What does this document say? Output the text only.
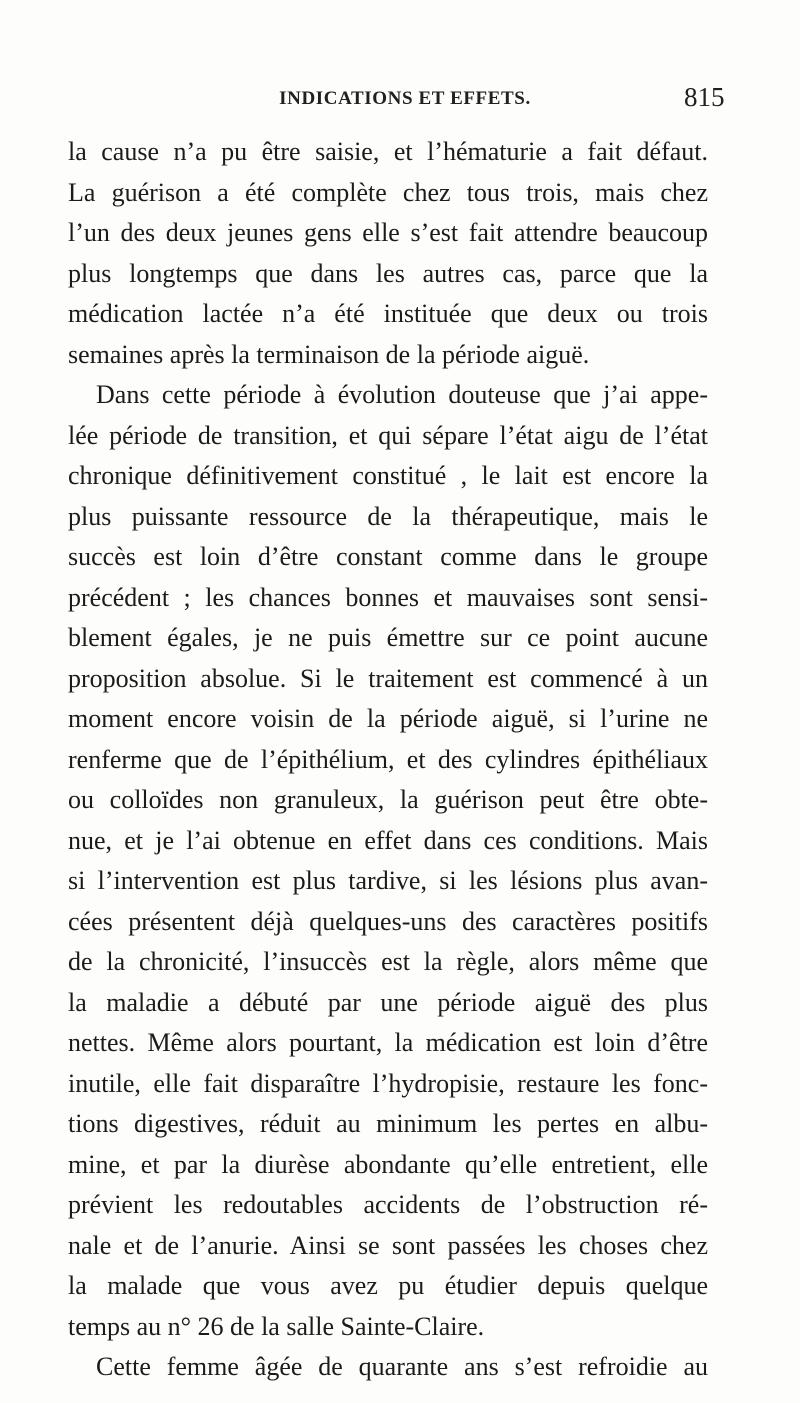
INDICATIONS ET EFFETS.	815
la cause n’a pu être saisie, et l’hématurie a fait défaut.
La guérison a été complète chez tous trois, mais chez
l’un des deux jeunes gens elle s’est fait attendre beaucoup
plus longtemps que dans les autres cas, parce que la
médication lactée n’a été instituée que deux ou trois
semaines après la terminaison de la période aiguë.
Dans cette période à évolution douteuse que j’ai appe-
lée période de transition, et qui sépare l’état aigu de l’état
chronique définitivement constitué , le lait est encore la
plus puissante ressource de la thérapeutique, mais le
succès est loin d’être constant comme dans le groupe
précédent ; les chances bonnes et mauvaises sont sensi-
blement égales, je ne puis émettre sur ce point aucune
proposition absolue. Si le traitement est commencé à un
moment encore voisin de la période aiguë, si l’urine ne
renferme que de l’épithélium, et des cylindres épithéliaux
ou colloïdes non granuleux, la guérison peut être obte-
nue, et je l’ai obtenue en effet dans ces conditions. Mais
si l’intervention est plus tardive, si les lésions plus avan-
cées présentent déjà quelques-uns des caractères positifs
de la chronicité, l’insuccès est la règle, alors même que
la maladie a débuté par une période aiguë des plus
nettes. Même alors pourtant, la médication est loin d’être
inutile, elle fait disparaître l’hydropisie, restaure les fonc-
tions digestives, réduit au minimum les pertes en albu-
mine, et par la diurèse abondante qu’elle entretient, elle
prévient les redoutables accidents de l’obstruction ré-
nale et de l’anurie. Ainsi se sont passées les choses chez
la malade que vous avez pu étudier depuis quelque
temps au n° 26 de la salle Sainte-Claire.
Cette femme âgée de quarante ans s’est refroidie au
